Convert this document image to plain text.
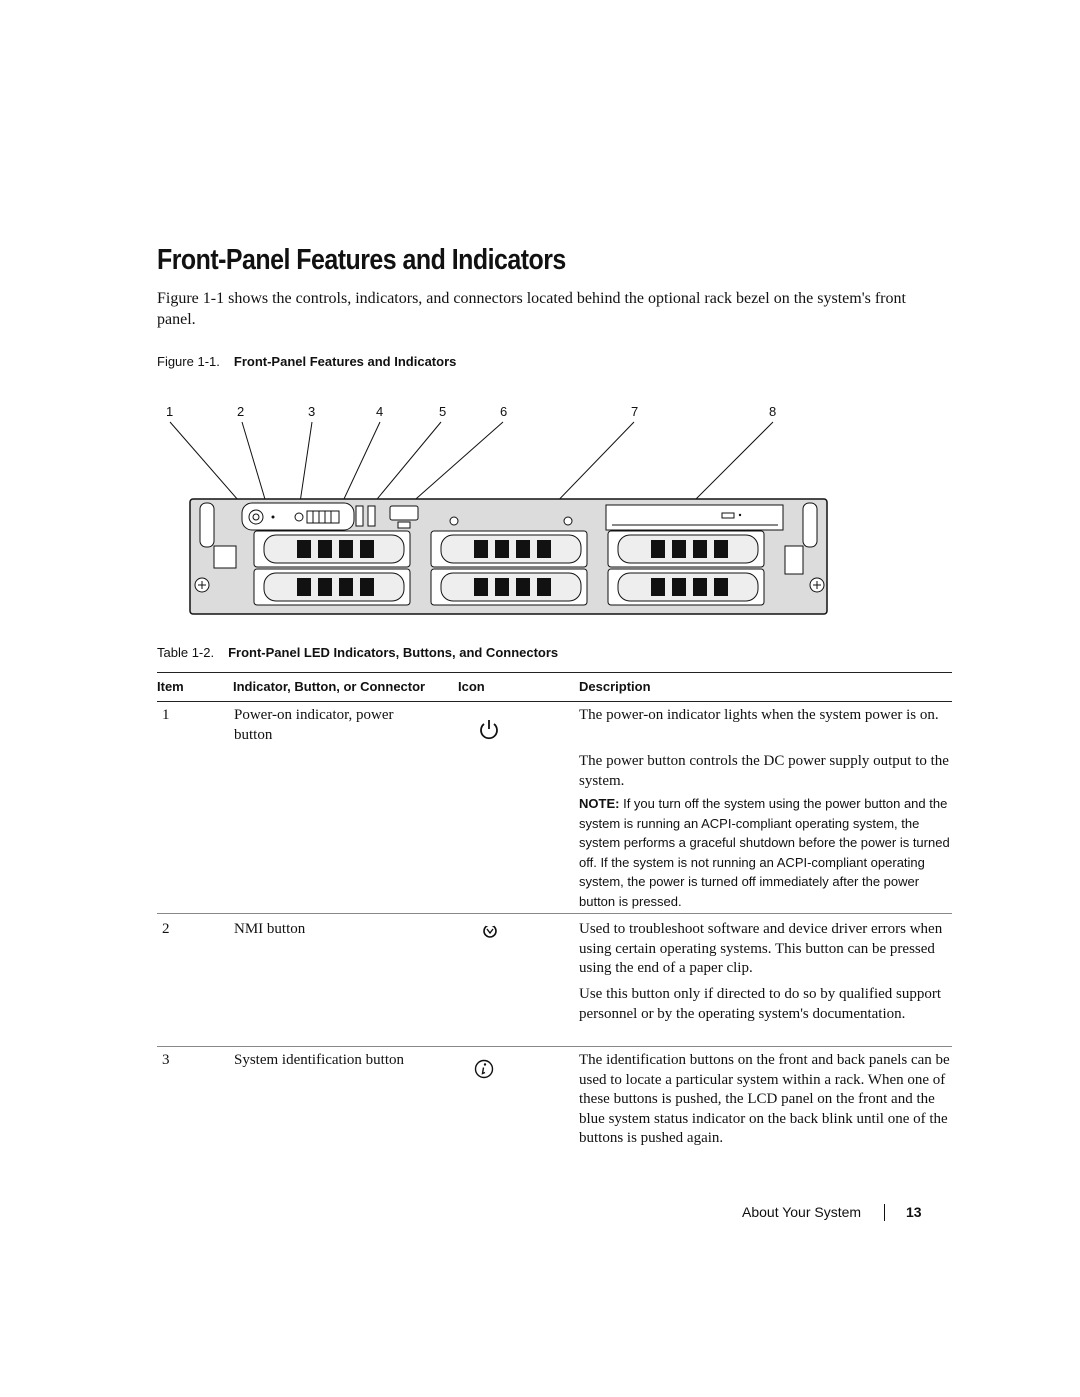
Front-Panel Features and Indicators
Figure 1-1 shows the controls, indicators, and connectors located behind the optional rack bezel on the system's front panel.
Figure 1-1. Front-Panel Features and Indicators
1	2	3	4	5	6	7	8
Table 1-2. Front-Panel LED Indicators, Buttons, and Connectors
Item	Indicator, Button, or Connector	Icon	Description
1	Power-on indicator, power button
The power-on indicator lights when the system power is on.
The power button controls the DC power supply output to the system.
NOTE: If you turn off the system using the power button and the system is running an ACPI-compliant operating system, the system performs a graceful shutdown before the power is turned off. If the system is not running an ACPI-compliant operating system, the power is turned off immediately after the power button is pressed.
2	NMI button	Used to troubleshoot software and device driver errors when using certain operating systems. This button can be pressed using the end of a paper clip.
Use this button only if directed to do so by qualified support personnel or by the operating system's documentation.
3	System identification button	The identification buttons on the front and back panels can be used to locate a particular system within a rack. When one of these buttons is pushed, the LCD panel on the front and the blue system status indicator on the back blink until one of the buttons is pushed again.
About Your System	13
